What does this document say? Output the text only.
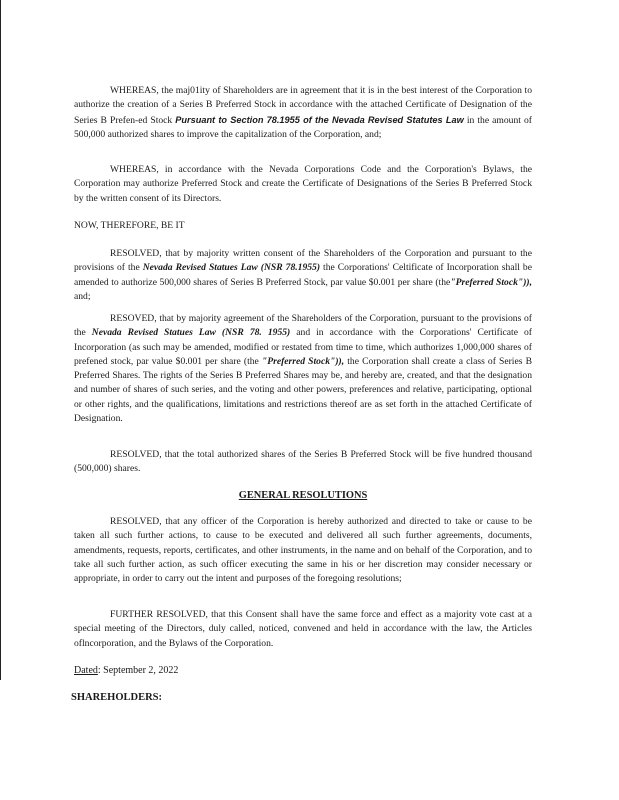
WHEREAS, the maj01ity of Shareholders are in agreement that it is in the best interest of the Corporation to authorize the creation of a Series B Preferred Stock in accordance with the attached Certificate of Designation of the Series B Prefen-ed Stock Pursuant to Section 78.1955 of the Nevada Revised Statutes Law in the amount of 500,000 authorized shares to improve the capitalization of the Corporation, and;

WHEREAS, in accordance with the Nevada Corporations Code and the Corporation's Bylaws, the Corporation may authorize Preferred Stock and create the Certificate of Designations of the Series B Preferred Stock by the written consent of its Directors.

NOW, THEREFORE, BE IT

RESOLVED, that by majority written consent of the Shareholders of the Corporation and pursuant to the provisions of the Nevada Revised Statues Law (NSR 78.1955) the Corporations' Celtificate of Incorporation shall be amended to authorize 500,000 shares of Series B Preferred Stock, par value $0.001 per share (the"Preferred Stock")), and;

RESOVED, that by majority agreement of the Shareholders of the Corporation, pursuant to the provisions of the Nevada Revised Statues Law (NSR 78. 1955) and in accordance with the Corporations' Certificate of Incorporation (as such may be amended, modified or restated from time to time, which authorizes 1,000,000 shares of prefened stock, par value $0.001 per share (the "Preferred Stock")), the Corporation shall create a class of Series B Preferred Shares. The rights of the Series B Preferred Shares may be, and hereby are, created, and that the designation and number of shares of such series, and the voting and other powers, preferences and relative, participating, optional or other rights, and the qualifications, limitations and restrictions thereof are as set forth in the attached Certificate of Designation.

RESOLVED, that the total authorized shares of the Series B Preferred Stock will be five hundred thousand (500,000) shares.

GENERAL RESOLUTIONS

RESOLVED, that any officer of the Corporation is hereby authorized and directed to take or cause to be taken all such further actions, to cause to be executed and delivered all such further agreements, documents, amendments, requests, reports, certificates, and other instruments, in the name and on behalf of the Corporation, and to take all such further action, as such officer executing the same in his or her discretion may consider necessary or appropriate, in order to carry out the intent and purposes of the foregoing resolutions;

FURTHER RESOLVED, that this Consent shall have the same force and effect as a majority vote cast at a special meeting of the Directors, duly called, noticed, convened and held in accordance with the law, the Articles oflncorporation, and the Bylaws of the Corporation.

Dated: September 2, 2022

SHAREHOLDERS:
